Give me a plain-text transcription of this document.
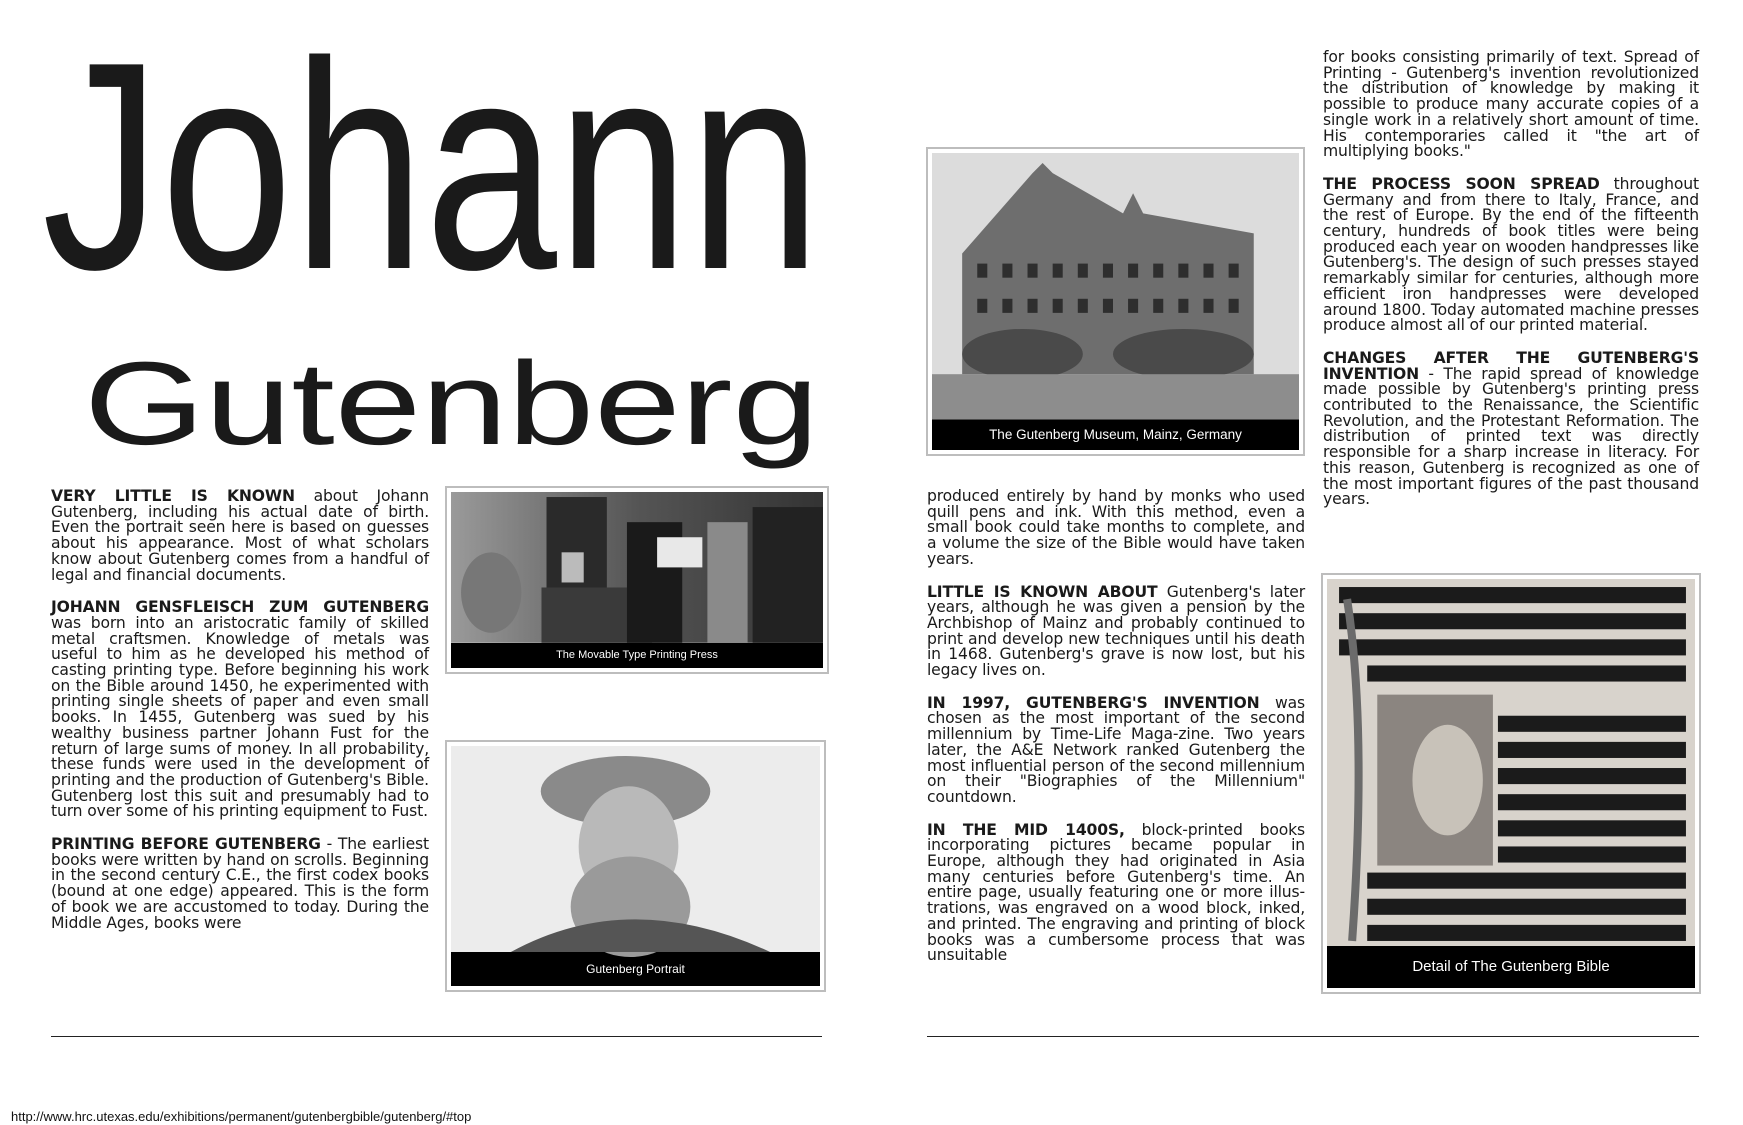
Johann
Gutenberg

VERY LITTLE IS KNOWN about Johann Gutenberg, including his actual date of birth. Even the portrait seen here is based on guesses about his appearance. Most of what scholars know about Gutenberg comes from a handful of legal and financial documents.

JOHANN GENSFLEISCH ZUM GUTENBERG was born into an aristocratic family of skilled metal craftsmen. Knowledge of metals was useful to him as he developed his method of casting printing type. Before beginning his work on the Bible around 1450, he experimented with printing single sheets of paper and even small books. In 1455, Gutenberg was sued by his wealthy business partner Johann Fust for the return of large sums of money. In all probability, these funds were used in the development of printing and the production of Gutenberg's Bible. Gutenberg lost this suit and presumably had to turn over some of his printing equipment to Fust.

PRINTING BEFORE GUTENBERG - The earliest books were written by hand on scrolls. Beginning in the second century C.E., the first codex books (bound at one edge) appeared. This is the form of book we are accustomed to today. During the Middle Ages, books were

produced entirely by hand by monks who used quill pens and ink. With this method, even a small book could take months to complete, and a volume the size of the Bible would have taken years.

LITTLE IS KNOWN ABOUT Gutenberg's later years, although he was given a pension by the Archbishop of Mainz and probably continued to print and develop new techniques until his death in 1468. Gutenberg's grave is now lost, but his legacy lives on.

IN 1997, GUTENBERG'S INVENTION was chosen as the most important of the second millennium by Time-Life Maga-zine. Two years later, the A&E Network ranked Gutenberg the most influential person of the second millennium on their "Biographies of the Millennium" countdown.

IN THE MID 1400S, block-printed books incorporating pictures became popular in Europe, although they had originated in Asia many centuries before Gutenberg's time. An entire page, usually featuring one or more illus-trations, was engraved on a wood block, inked, and printed. The engraving and printing of block books was a cumbersome process that was unsuitable

for books consisting primarily of text. Spread of Printing - Gutenberg's invention revolutionized the distribution of knowledge by making it possible to produce many accurate copies of a single work in a relatively short amount of time. His contemporaries called it "the art of multiplying books."

THE PROCESS SOON SPREAD throughout Germany and from there to Italy, France, and the rest of Europe. By the end of the fifteenth century, hundreds of book titles were being produced each year on wooden handpresses like Gutenberg's. The design of such presses stayed remarkably similar for centuries, although more efficient iron handpresses were developed around 1800. Today automated machine presses produce almost all of our printed material.

CHANGES AFTER THE GUTENBERG'S INVENTION - The rapid spread of knowledge made possible by Gutenberg's printing press contributed to the Renaissance, the Scientific Revolution, and the Protestant Reformation. The distribution of printed text was directly responsible for a sharp increase in literacy. For this reason, Gutenberg is recognized as one of the most important figures of the past thousand years.

The Movable Type Printing Press
Gutenberg Portrait
The Gutenberg Museum, Mainz, Germany
Detail of The Gutenberg Bible
http://www.hrc.utexas.edu/exhibitions/permanent/gutenbergbible/gutenberg/#top
